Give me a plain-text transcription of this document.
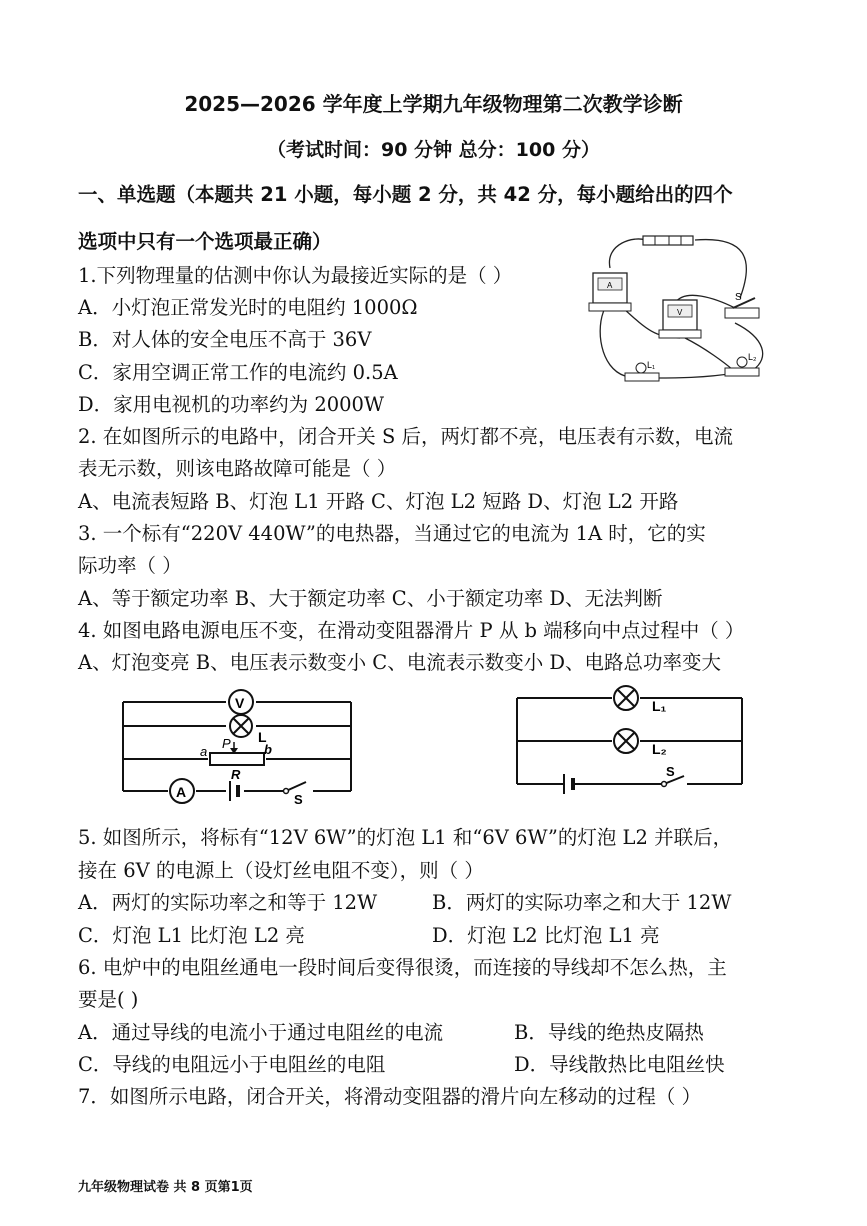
2025—2026 学年度上学期九年级物理第二次教学诊断
（考试时间：90 分钟 总分：100 分）
一、单选题（本题共 21 小题，每小题 2 分，共 42 分，每小题给出的四个
选项中只有一个选项最正确）
1.下列物理量的估测中你认为最接近实际的是（ ）
A．小灯泡正常发光时的电阻约 1000Ω
B．对人体的安全电压不高于 36V
C．家用空调正常工作的电流约 0.5A
D．家用电视机的功率约为 2000W
2. 在如图所示的电路中，闭合开关 S 后，两灯都不亮，电压表有示数，电流
表无示数，则该电路故障可能是（ ）
A、电流表短路 B、灯泡 L1 开路 C、灯泡 L2 短路 D、灯泡 L2 开路
3. 一个标有“220V 440W”的电热器，当通过它的电流为 1A 时，它的实
际功率（ ）
A、等于额定功率 B、大于额定功率 C、小于额定功率 D、无法判断
4. 如图电路电源电压不变，在滑动变阻器滑片 P 从 b 端移向中点过程中（ ）
A、灯泡变亮 B、电压表示数变小 C、电流表示数变小 D、电路总功率变大
5. 如图所示，将标有“12V 6W”的灯泡 L1 和“6V 6W”的灯泡 L2 并联后，
接在 6V 的电源上（设灯丝电阻不变），则（ ）
A．两灯的实际功率之和等于 12W	B．两灯的实际功率之和大于 12W
C．灯泡 L1 比灯泡 L2 亮	D．灯泡 L2 比灯泡 L1 亮
6. 电炉中的电阻丝通电一段时间后变得很烫，而连接的导线却不怎么热，主
要是( )
A．通过导线的电流小于通过电阻丝的电流	B．导线的绝热皮隔热
C．导线的电阻远小于电阻丝的电阻	D．导线散热比电阻丝快
7．如图所示电路，闭合开关，将滑动变阻器的滑片向左移动的过程（ ）
九年级物理试卷 共 8 页第1页
A
V
S
L₁
L₂
V
L
P
a	b
R
A	S
L₁
L₂
S
